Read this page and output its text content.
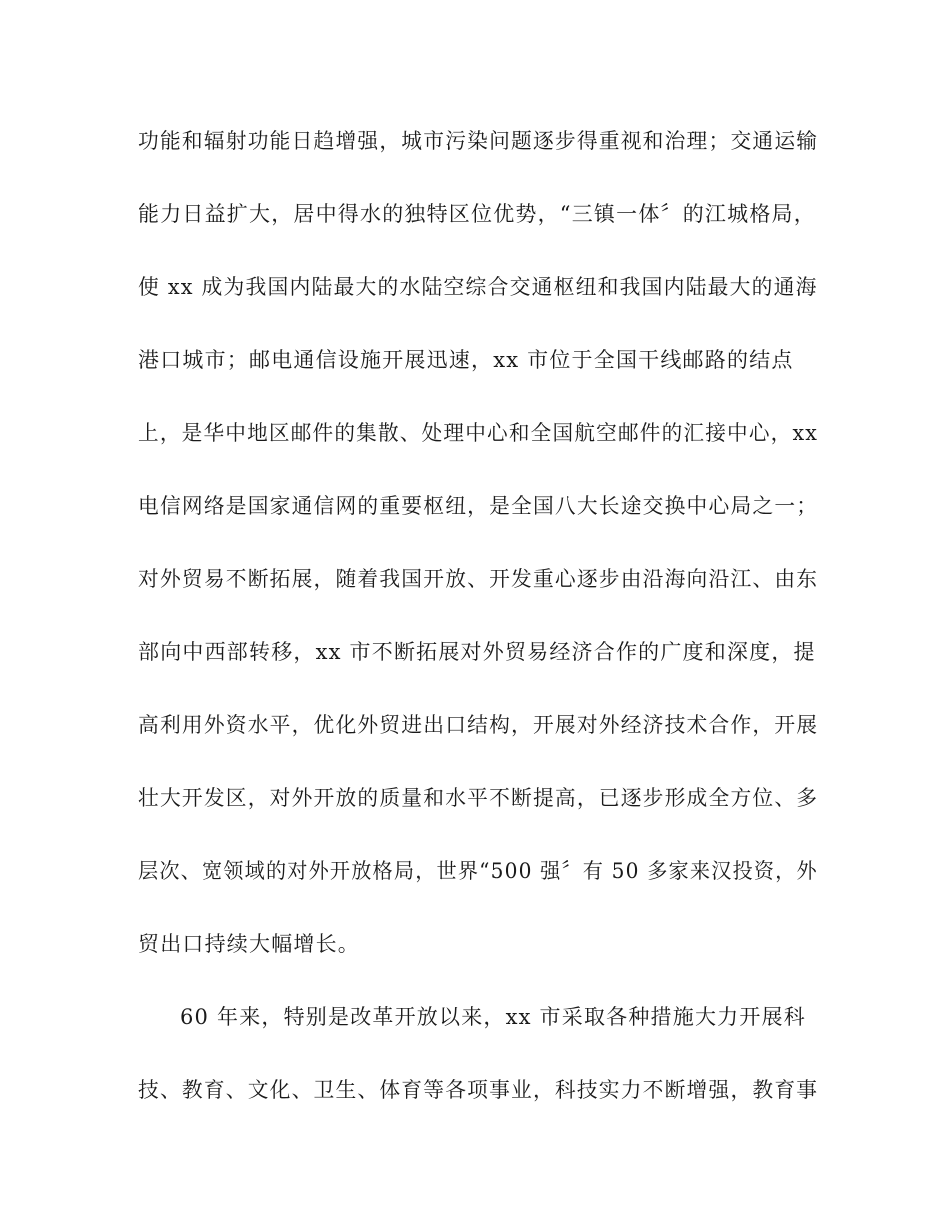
功能和辐射功能日趋增强，城市污染问题逐步得重视和治理；交通运输
能力日益扩大，居中得水的独特区位优势，“三镇一体〞的江城格局，
使 xx 成为我国内陆最大的水陆空综合交通枢纽和我国内陆最大的通海
港口城市；邮电通信设施开展迅速，xx 市位于全国干线邮路的结点
上，是华中地区邮件的集散、处理中心和全国航空邮件的汇接中心，xx
电信网络是国家通信网的重要枢纽，是全国八大长途交换中心局之一；
对外贸易不断拓展，随着我国开放、开发重心逐步由沿海向沿江、由东
部向中西部转移，xx 市不断拓展对外贸易经济合作的广度和深度，提
高利用外资水平，优化外贸进出口结构，开展对外经济技术合作，开展
壮大开发区，对外开放的质量和水平不断提高，已逐步形成全方位、多
层次、宽领域的对外开放格局，世界“500 强〞有 50 多家来汉投资，外
贸出口持续大幅增长。
60 年来，特别是改革开放以来，xx 市采取各种措施大力开展科
技、教育、文化、卫生、体育等各项事业，科技实力不断增强，教育事
